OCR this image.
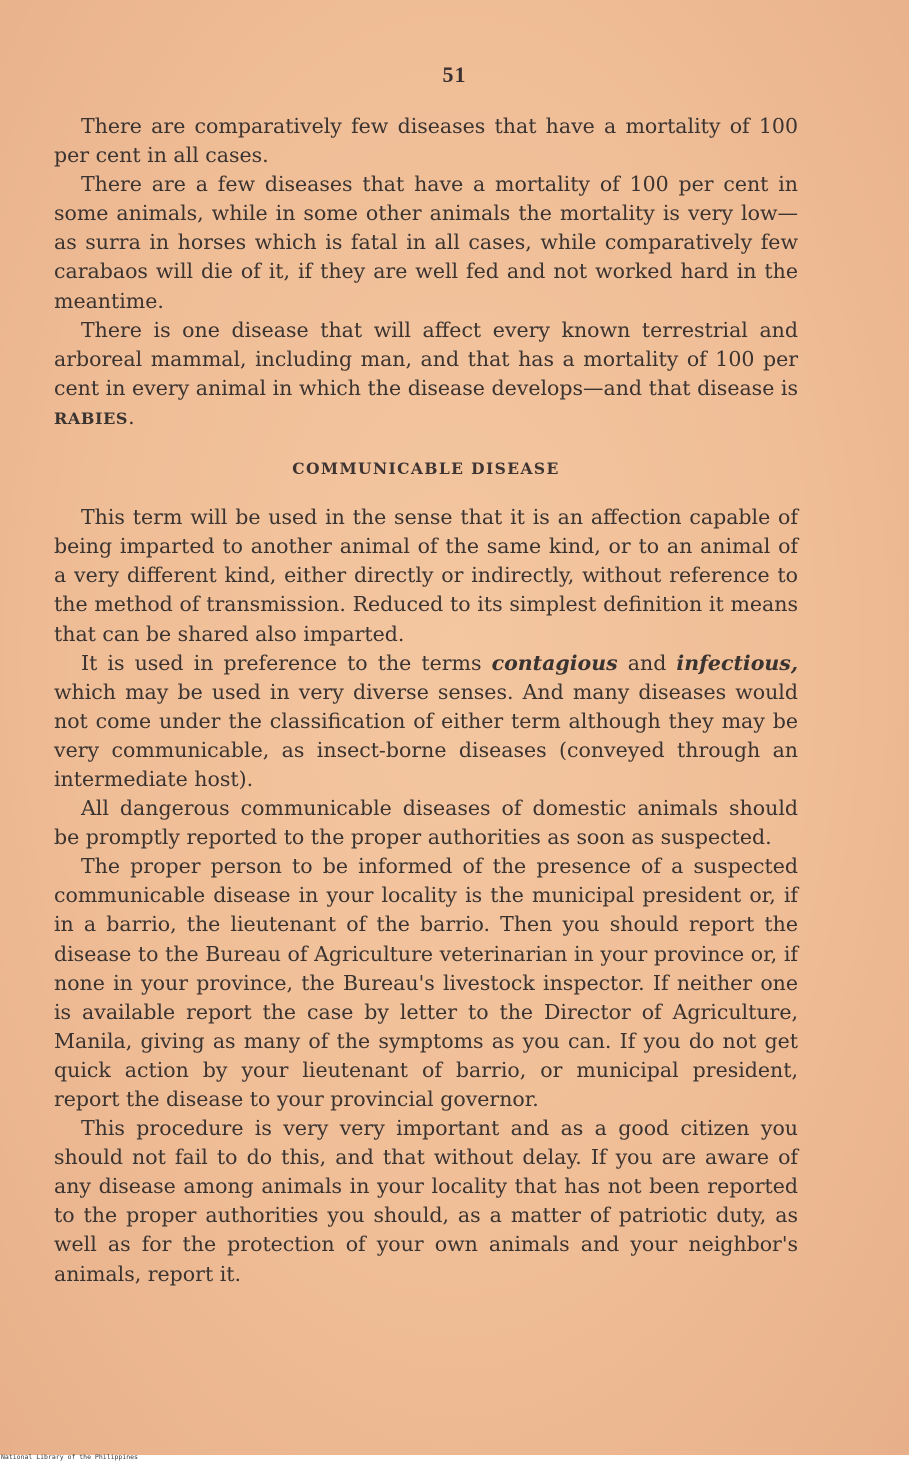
51

There are comparatively few diseases that have a mortality of 100 per cent in all cases.

There are a few diseases that have a mortality of 100 per cent in some animals, while in some other animals the mortality is very low—as surra in horses which is fatal in all cases, while comparatively few carabaos will die of it, if they are well fed and not worked hard in the meantime.

There is one disease that will affect every known terrestrial and arboreal mammal, including man, and that has a mortality of 100 per cent in every animal in which the disease develops—and that disease is RABIES.

COMMUNICABLE DISEASE

This term will be used in the sense that it is an affection capable of being imparted to another animal of the same kind, or to an animal of a very different kind, either directly or indirectly, without reference to the method of transmission. Reduced to its simplest definition it means that can be shared also imparted.

It is used in preference to the terms contagious and infectious, which may be used in very diverse senses. And many diseases would not come under the classification of either term although they may be very communicable, as insect-borne diseases (conveyed through an intermediate host).

All dangerous communicable diseases of domestic animals should be promptly reported to the proper authorities as soon as suspected.

The proper person to be informed of the presence of a suspected communicable disease in your locality is the municipal president or, if in a barrio, the lieutenant of the barrio. Then you should report the disease to the Bureau of Agriculture veterinarian in your province or, if none in your province, the Bureau's livestock inspector. If neither one is available report the case by letter to the Director of Agriculture, Manila, giving as many of the symptoms as you can. If you do not get quick action by your lieutenant of barrio, or municipal president, report the disease to your provincial governor.

This procedure is very very important and as a good citizen you should not fail to do this, and that without delay. If you are aware of any disease among animals in your locality that has not been reported to the proper authorities you should, as a matter of patriotic duty, as well as for the protection of your own animals and your neighbor's animals, report it.

National Library of the Philippines
